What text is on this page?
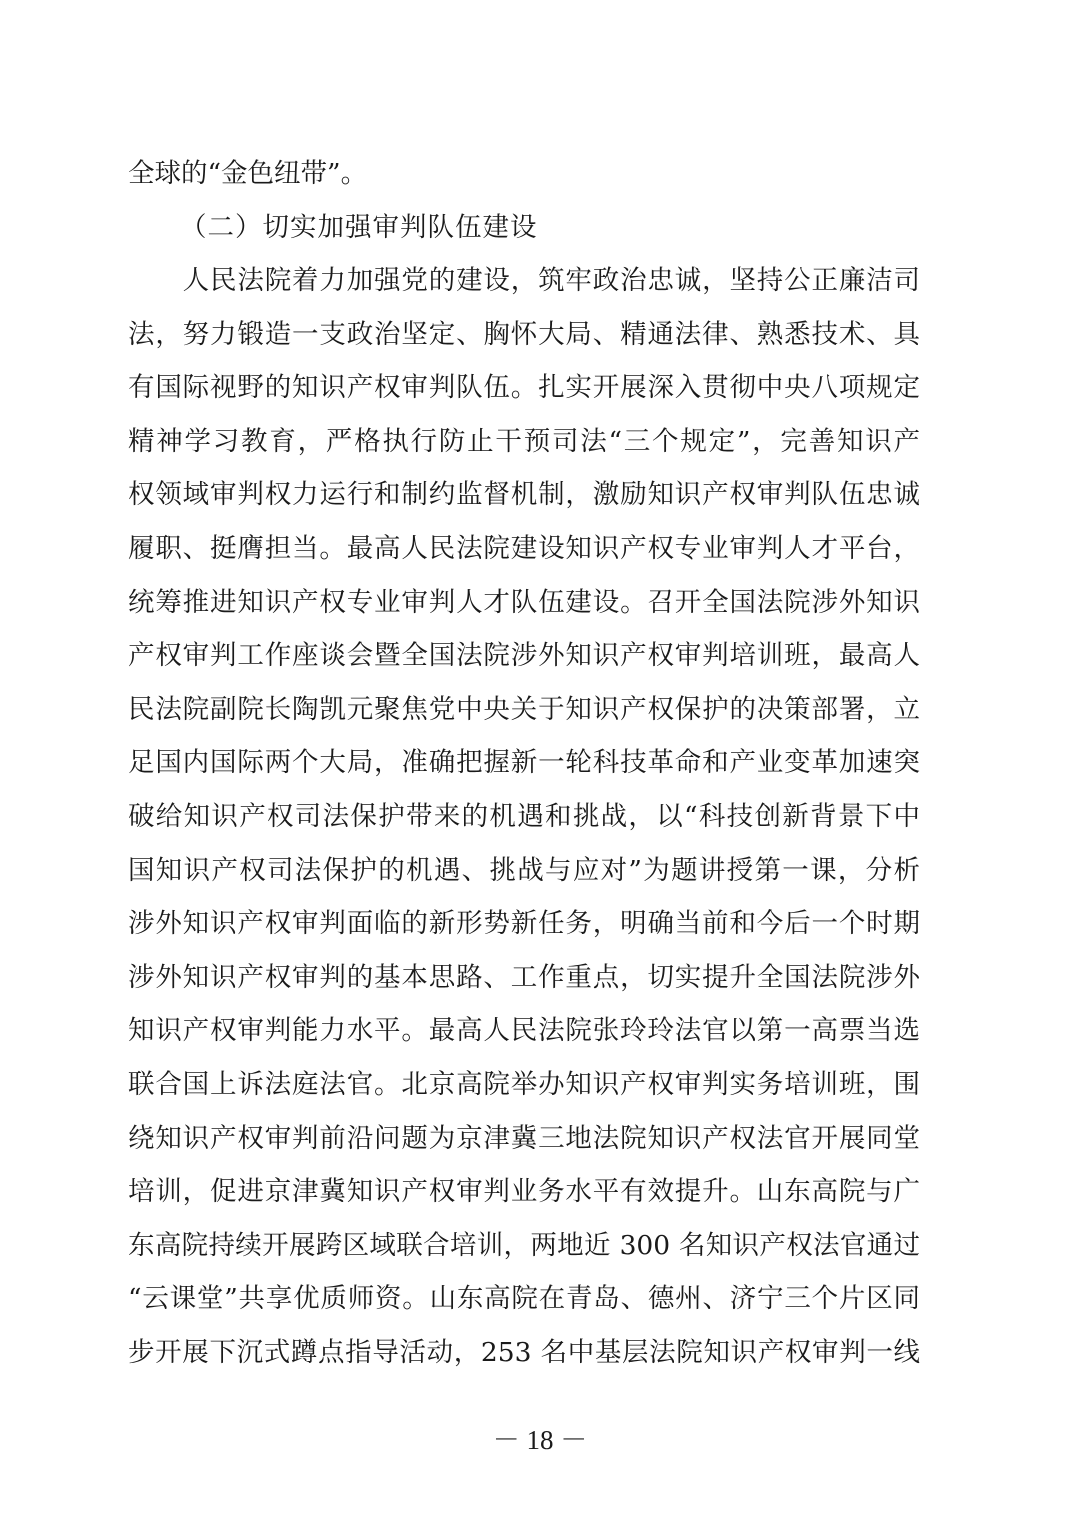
全球的“金色纽带”。
（二）切实加强审判队伍建设
　　人民法院着力加强党的建设，筑牢政治忠诚，坚持公正廉洁司
法，努力锻造一支政治坚定、胸怀大局、精通法律、熟悉技术、具
有国际视野的知识产权审判队伍。扎实开展深入贯彻中央八项规定
精神学习教育，严格执行防止干预司法“三个规定”，完善知识产
权领域审判权力运行和制约监督机制，激励知识产权审判队伍忠诚
履职、挺膺担当。最高人民法院建设知识产权专业审判人才平台，
统筹推进知识产权专业审判人才队伍建设。召开全国法院涉外知识
产权审判工作座谈会暨全国法院涉外知识产权审判培训班，最高人
民法院副院长陶凯元聚焦党中央关于知识产权保护的决策部署，立
足国内国际两个大局，准确把握新一轮科技革命和产业变革加速突
破给知识产权司法保护带来的机遇和挑战，以“科技创新背景下中
国知识产权司法保护的机遇、挑战与应对”为题讲授第一课，分析
涉外知识产权审判面临的新形势新任务，明确当前和今后一个时期
涉外知识产权审判的基本思路、工作重点，切实提升全国法院涉外
知识产权审判能力水平。最高人民法院张玲玲法官以第一高票当选
联合国上诉法庭法官。北京高院举办知识产权审判实务培训班，围
绕知识产权审判前沿问题为京津冀三地法院知识产权法官开展同堂
培训，促进京津冀知识产权审判业务水平有效提升。山东高院与广
东高院持续开展跨区域联合培训，两地近 300 名知识产权法官通过
“云课堂”共享优质师资。山东高院在青岛、德州、济宁三个片区同
步开展下沉式蹲点指导活动，253 名中基层法院知识产权审判一线
－ 18 －
